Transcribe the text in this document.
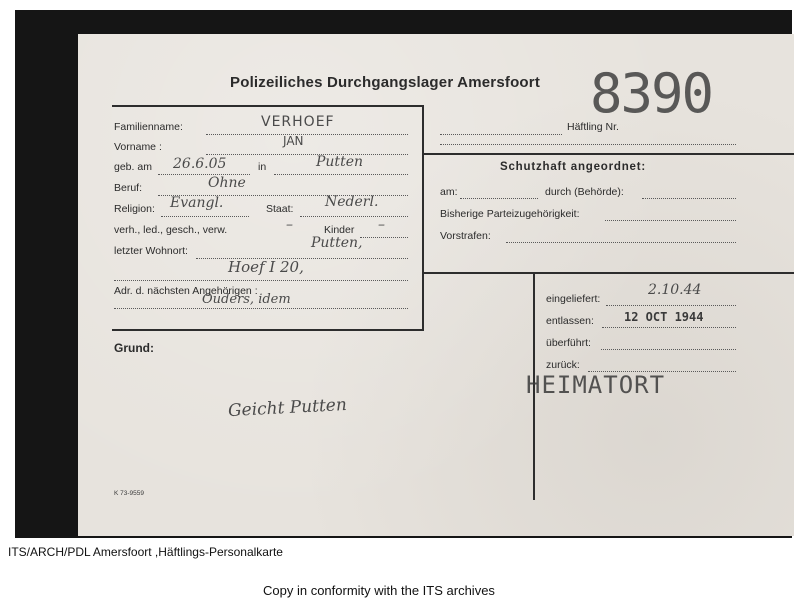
Polizeiliches Durchgangslager Amersfoort 8390
Familienname:	VERHOEF
Vorname :	JAN
geb. am 26.6.05	in	Putten
Beruf:	Ohne
Religion: Evangl.	Staat: Nederl.
verh., led., gesch., verw.	–	Kinder –
letzter Wohnort:	Putten,
Hoef I 20,
Adr. d. nächsten Angehörigen :
Ouders, idem
Häftling Nr.
Schutzhaft angeordnet:
am:	durch (Behörde):
Bisherige Parteizugehörigkeit:
Vorstrafen:
eingeliefert:
2.10.44
entlassen:	12 OCT 1944
überführt:
zurück:
HEIMATORT
Grund:
Geicht Putten
K 73-9559
ITS/ARCH/PDL Amersfoort ,Häftlings-Personalkarte
Copy in conformity with the ITS archives
